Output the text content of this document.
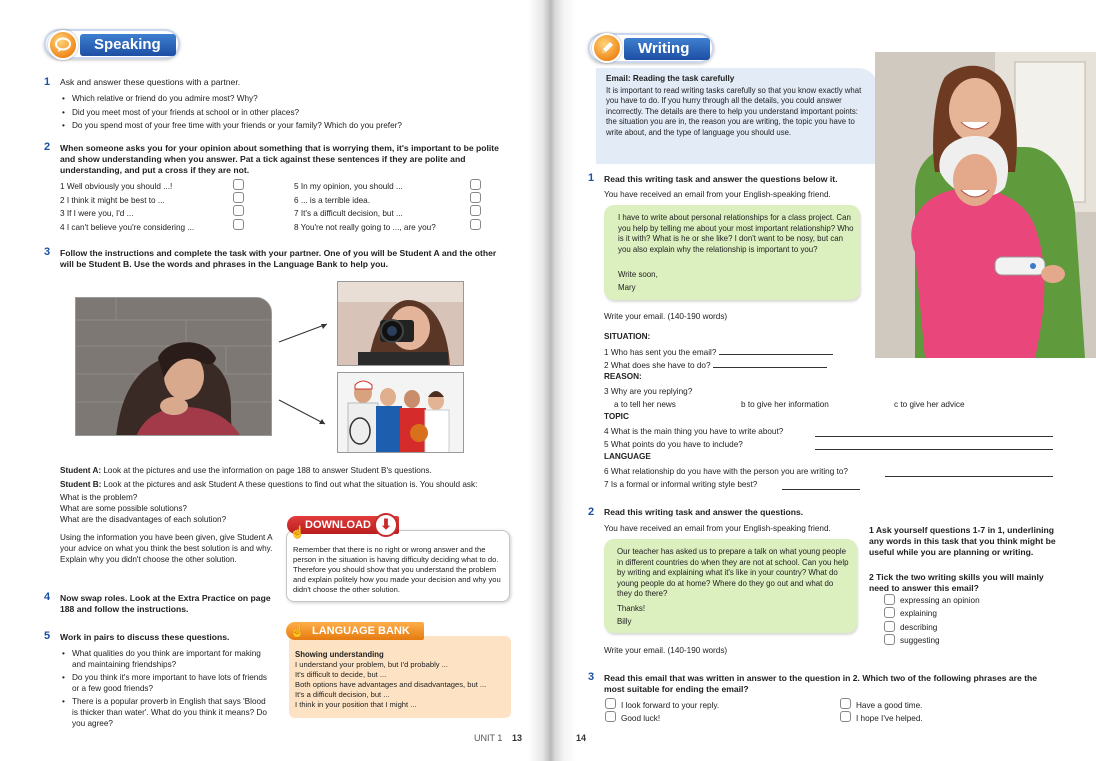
Speaking
1 Ask and answer these questions with a partner.
• Which relative or friend do you admire most? Why?
• Did you meet most of your friends at school or in other places?
• Do you spend most of your free time with your friends or your family? Which do you prefer?
2 When someone asks you for your opinion about something that is worrying them, it's important to be polite and show understanding when you answer. Pat a tick against these sentences if they are polite and understanding, and put a cross if they are not.
1 Well obviously you should ...!
2 I think it might be best to ...
3 If I were you, I'd ...
4 I can't believe you're considering ...
5 In my opinion, you should ...
6 ... is a terrible idea.
7 It's a difficult decision, but ...
8 You're not really going to ..., are you?
3 Follow the instructions and complete the task with your partner. One of you will be Student A and the other will be Student B. Use the words and phrases in the Language Bank to help you.
Student A: Look at the pictures and use the information on page 188 to answer Student B's questions.
Student B: Look at the pictures and ask Student A these questions to find out what the situation is. You should ask:
What is the problem?
What are some possible solutions?
What are the disadvantages of each solution?
Using the information you have been given, give Student A your advice on what you think the best solution is and why. Explain why you didn't choose the other solution.
Remember that there is no right or wrong answer and the person in the situation is having difficulty deciding what to do. Therefore you should show that you understand the problem and explain politely how you made your decision and why you didn't choose the other solution.
DOWNLOAD ⬇
☝
4 Now swap roles. Look at the Extra Practice on page 188 and follow the instructions.
5 Work in pairs to discuss these questions.
• What qualities do you think are important for making and maintaining friendships?
• Do you think it's more important to have lots of friends or a few good friends?
• There is a popular proverb in English that says 'Blood is thicker than water'. What do you think it means? Do you agree?
Showing understanding
I understand your problem, but I'd probably ...
It's difficult to decide, but ...
Both options have advantages and disadvantages, but ...
It's a difficult decision, but ...
I think in your position that I might ...
LANGUAGE BANK
☝
UNIT 1 13
Writing
Email: Reading the task carefully
It is important to read writing tasks carefully so that you know exactly what you have to do. If you hurry through all the details, you could answer incorrectly. The details are there to help you understand important points: the situation you are in, the reason you are writing, the topic you have to write about, and the type of language you should use.
1 Read this writing task and answer the questions below it.
You have received an email from your English-speaking friend.
I have to write about personal relationships for a class project. Can you help by telling me about your most important relationship? Who is it with? What is he or she like? I don't want to be nosy, but can you also explain why the relationship is important to you?
Write soon,
Mary
Write your email. (140-190 words)
SITUATION:
1 Who has sent you the email?
2 What does she have to do?
REASON:
3 Why are you replying?
a to tell her news	b to give her information	c to give her advice
TOPIC
4 What is the main thing you have to write about?
5 What points do you have to include?
LANGUAGE
6 What relationship do you have with the person you are writing to?
7 Is a formal or informal writing style best?
2 Read this writing task and answer the questions.
You have received an email from your English-speaking friend.
Our teacher has asked us to prepare a talk on what young people in different countries do when they are not at school. Can you help by writing and explaining what it's like in your country? What do young people do at home? Where do they go out and what do they do there?
Thanks!
Billy
Write your email. (140-190 words)
1 Ask yourself questions 1-7 in 1, underlining any words in this task that you think might be useful while you are planning or writing.
2 Tick the two writing skills you will mainly need to answer this email?
expressing an opinion
explaining
describing
suggesting
3 Read this email that was written in answer to the question in 2. Which two of the following phrases are the most suitable for ending the email?
I look forward to your reply.
Good luck!
Have a good time.
I hope I've helped.
14
